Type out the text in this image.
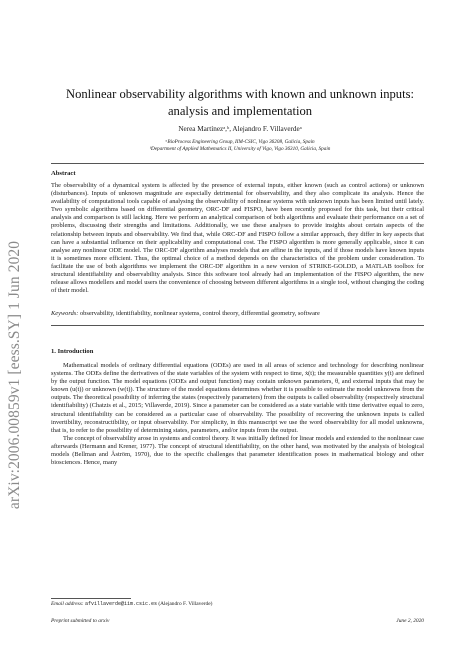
arXiv:2006.00859v1 [eess.SY] 1 Jun 2020
Nonlinear observability algorithms with known and unknown inputs: analysis and implementation
Nerea Martínezᵃ,ᵇ, Alejandro F. Villaverdeᵃ
ᵃBioProcess Engineering Group, IIM-CSIC, Vigo 36208, Galicia, Spain
ᵇDepartment of Applied Mathematics II, University of Vigo, Vigo 36310, Galicia, Spain
Abstract
The observability of a dynamical system is affected by the presence of external inputs, either known (such as control actions) or unknown (disturbances). Inputs of unknown magnitude are especially detrimental for observability, and they also complicate its analysis. Hence the availability of computational tools capable of analysing the observability of nonlinear systems with unknown inputs has been limited until lately. Two symbolic algorithms based on differential geometry, ORC-DF and FISPO, have been recently proposed for this task, but their critical analysis and comparison is still lacking. Here we perform an analytical comparison of both algorithms and evaluate their performance on a set of problems, discussing their strengths and limitations. Additionally, we use these analyses to provide insights about certain aspects of the relationship between inputs and observability. We find that, while ORC-DF and FISPO follow a similar approach, they differ in key aspects that can have a substantial influence on their applicability and computational cost. The FISPO algorithm is more generally applicable, since it can analyse any nonlinear ODE model. The ORC-DF algorithm analyses models that are affine in the inputs, and if those models have known inputs it is sometimes more efficient. Thus, the optimal choice of a method depends on the characteristics of the problem under consideration. To facilitate the use of both algorithms we implement the ORC-DF algorithm in a new version of STRIKE-GOLDD, a MATLAB toolbox for structural identifiability and observability analysis. Since this software tool already had an implementation of the FISPO algorithm, the new release allows modellers and model users the convenience of choosing between different algorithms in a single tool, without changing the coding of their model.
Keywords: observability, identifiability, nonlinear systems, control theory, differential geometry, software
1. Introduction

Mathematical models of ordinary differential equations (ODEs) are used in all areas of science and technology for describing nonlinear systems. The ODEs define the derivatives of the state variables of the system with respect to time, ẋ(t); the measurable quantities y(t) are defined by the output function. The model equations (ODEs and output function) may contain unknown parameters, θ, and external inputs that may be known (u(t)) or unknown (w(t)). The structure of the model equations determines whether it is possible to estimate the model unknowns from the outputs. The theoretical possibility of inferring the states (respectively parameters) from the outputs is called observability (respectively structural identifiability) (Chatzis et al., 2015; Villaverde, 2019). Since a parameter can be considered as a state variable with time derivative equal to zero, structural identifiability can be considered as a particular case of observability. The possibility of recovering the unknown inputs is called invertibility, reconstructibility, or input observability. For simplicity, in this manuscript we use the word observability for all model unknowns, that is, to refer to the possibility of determining states, parameters, and/or inputs from the output.

The concept of observability arose in systems and control theory. It was initially defined for linear models and extended to the nonlinear case afterwards (Hermann and Krener, 1977). The concept of structural identifiability, on the other hand, was motivated by the analysis of biological models (Bellman and Åström, 1970), due to the specific challenges that parameter identification poses in mathematical biology and other biosciences. Hence, many

Email address: afvillaverde@iim.csic.es (Alejandro F. Villaverde)
Preprint submitted to arxiv	June 2, 2020
